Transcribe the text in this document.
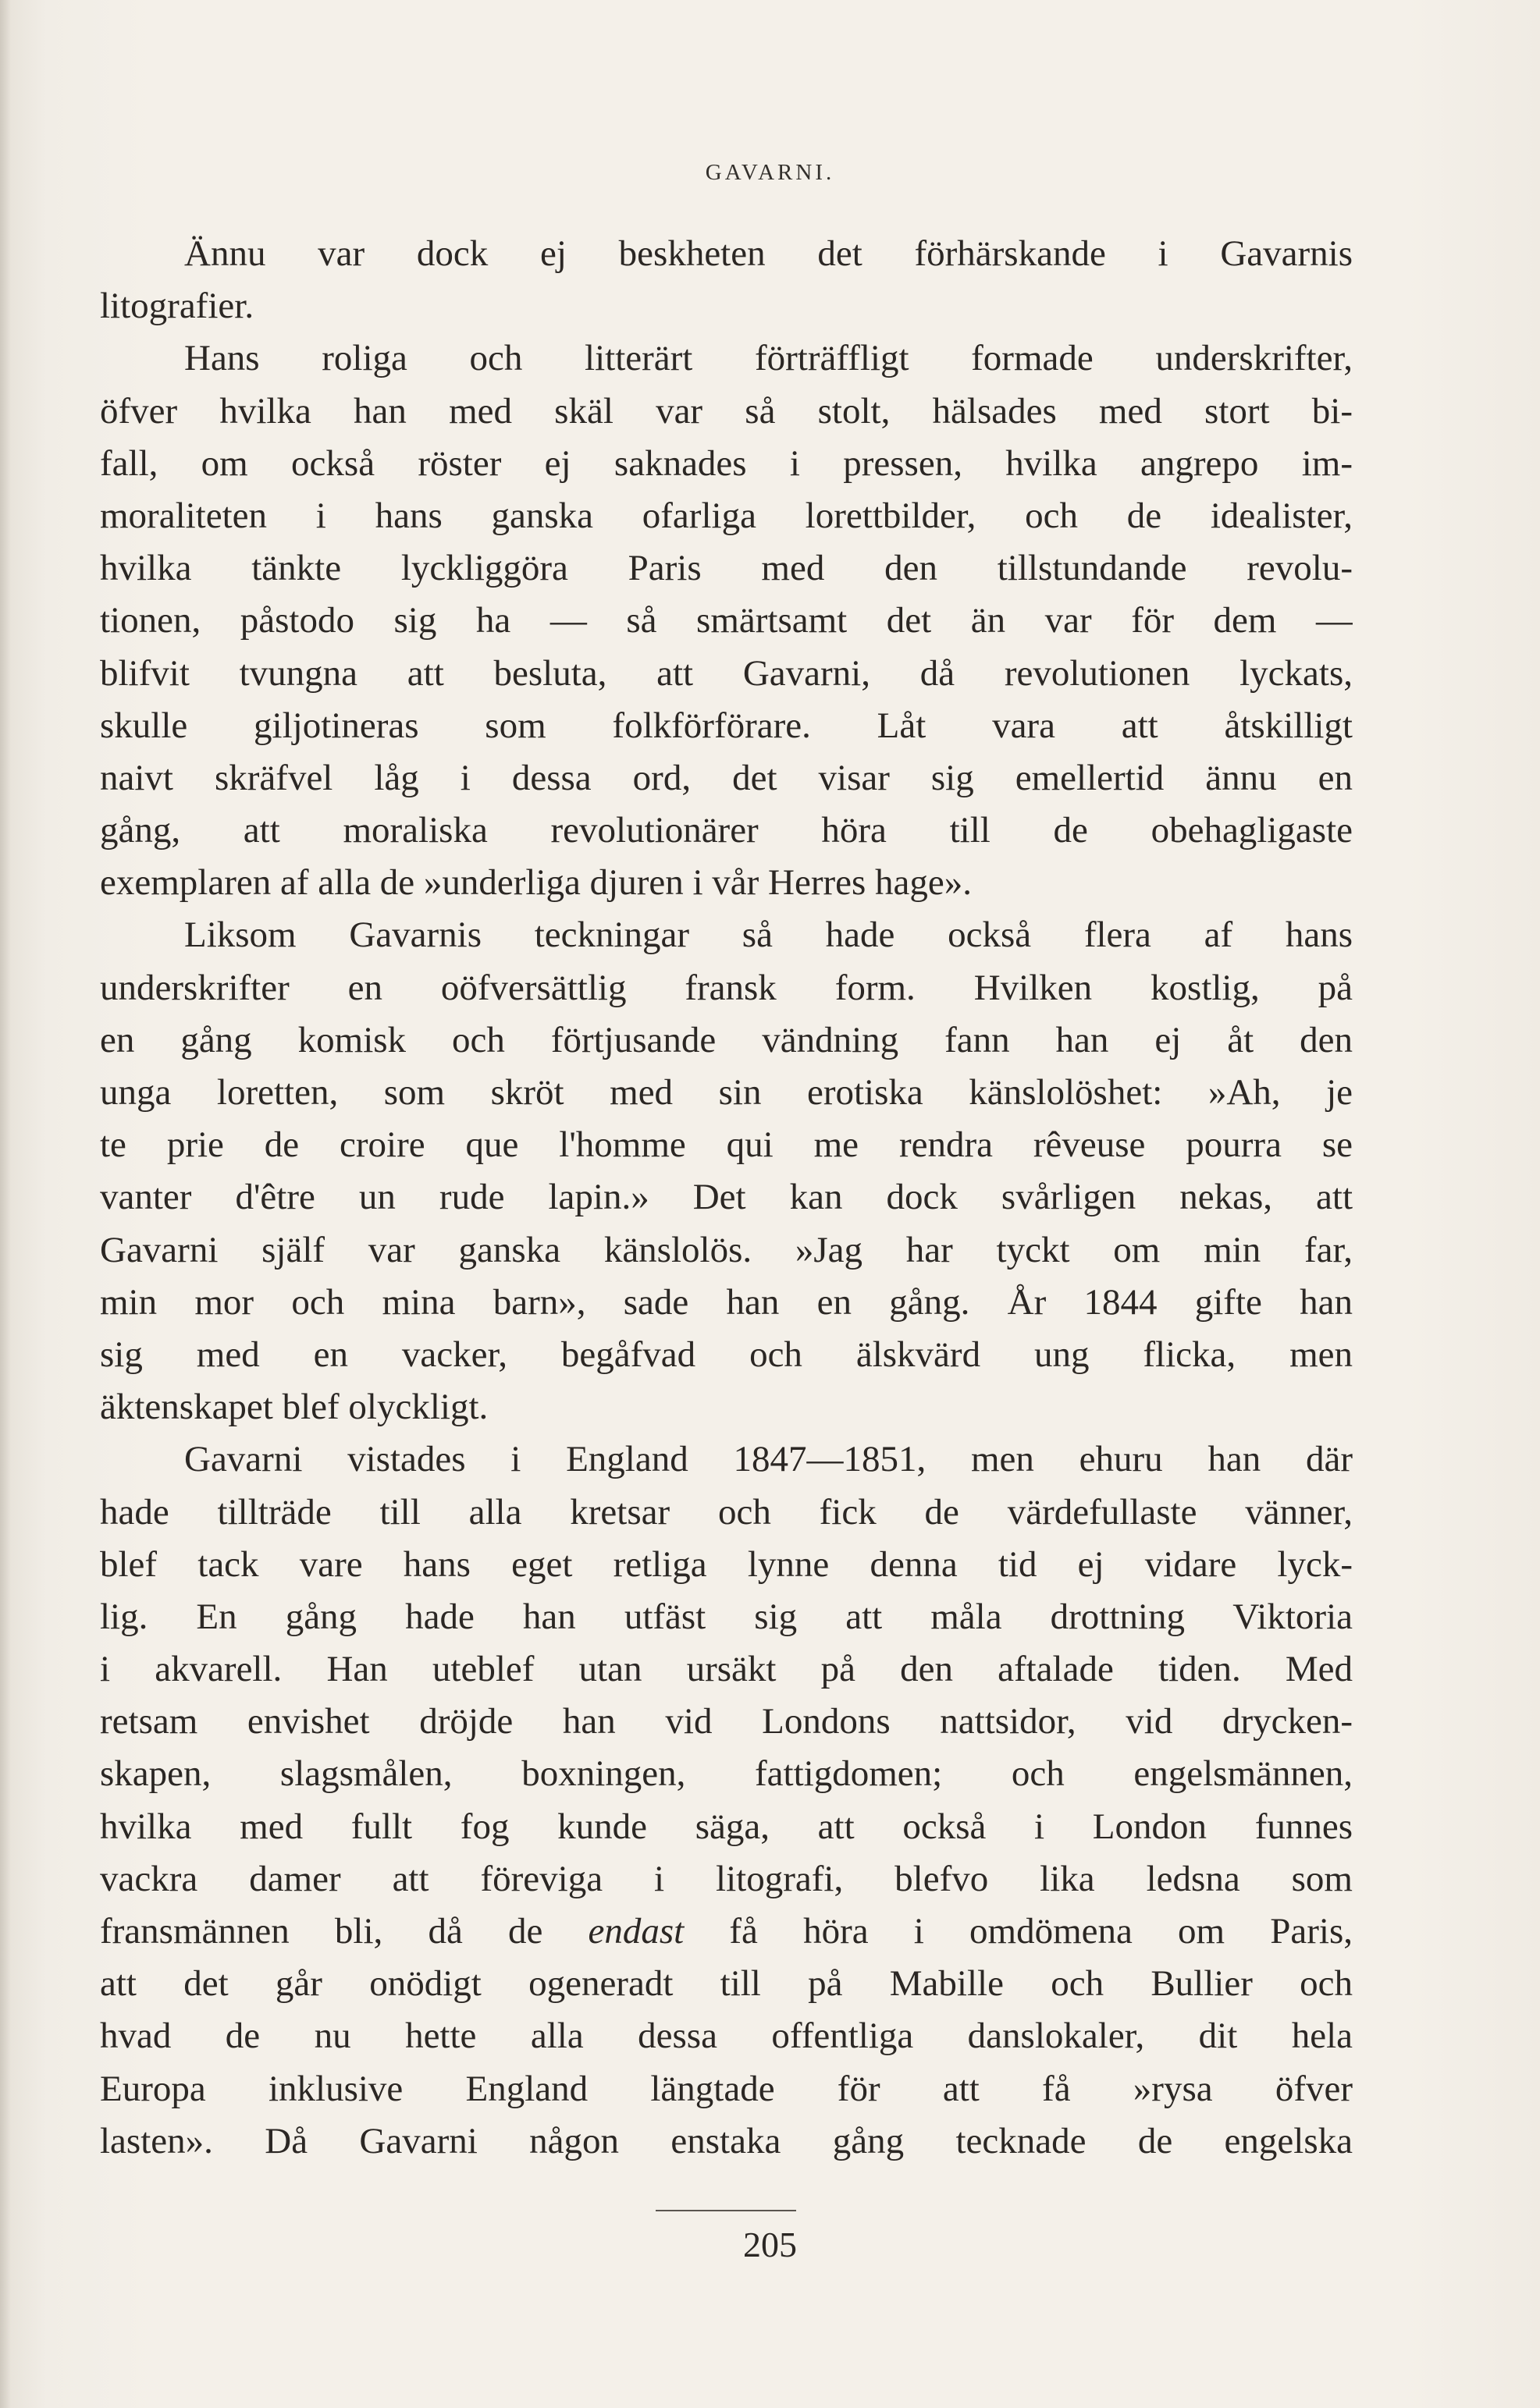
GAVARNI.
Ännu var dock ej beskheten det förhärskande i Gavarnis
litografier.
Hans roliga och litterärt förträffligt formade underskrifter,
öfver hvilka han med skäl var så stolt, hälsades med stort bi-
fall, om också röster ej saknades i pressen, hvilka angrepo im-
moraliteten i hans ganska ofarliga lorettbilder, och de idealister,
hvilka tänkte lyckliggöra Paris med den tillstundande revolu-
tionen, påstodo sig ha — så smärtsamt det än var för dem —
blifvit tvungna att besluta, att Gavarni, då revolutionen lyckats,
skulle giljotineras som folkförförare. Låt vara att åtskilligt
naivt skräfvel låg i dessa ord, det visar sig emellertid ännu en
gång, att moraliska revolutionärer höra till de obehagligaste
exemplaren af alla de »underliga djuren i vår Herres hage».
Liksom Gavarnis teckningar så hade också flera af hans
underskrifter en oöfversättlig fransk form. Hvilken kostlig, på
en gång komisk och förtjusande vändning fann han ej åt den
unga loretten, som skröt med sin erotiska känslolöshet: »Ah, je
te prie de croire que l'homme qui me rendra rêveuse pourra se
vanter d'être un rude lapin.» Det kan dock svårligen nekas, att
Gavarni själf var ganska känslolös. »Jag har tyckt om min far,
min mor och mina barn», sade han en gång. År 1844 gifte han
sig med en vacker, begåfvad och älskvärd ung flicka, men
äktenskapet blef olyckligt.
Gavarni vistades i England 1847—1851, men ehuru han där
hade tillträde till alla kretsar och fick de värdefullaste vänner,
blef tack vare hans eget retliga lynne denna tid ej vidare lyck-
lig. En gång hade han utfäst sig att måla drottning Viktoria
i akvarell. Han uteblef utan ursäkt på den aftalade tiden. Med
retsam envishet dröjde han vid Londons nattsidor, vid drycken-
skapen, slagsmålen, boxningen, fattigdomen; och engelsmännen,
hvilka med fullt fog kunde säga, att också i London funnes
vackra damer att föreviga i litografi, blefvo lika ledsna som
fransmännen bli, då de endast få höra i omdömena om Paris,
att det går onödigt ogeneradt till på Mabille och Bullier och
hvad de nu hette alla dessa offentliga danslokaler, dit hela
Europa inklusive England längtade för att få »rysa öfver
lasten». Då Gavarni någon enstaka gång tecknade de engelska
205
